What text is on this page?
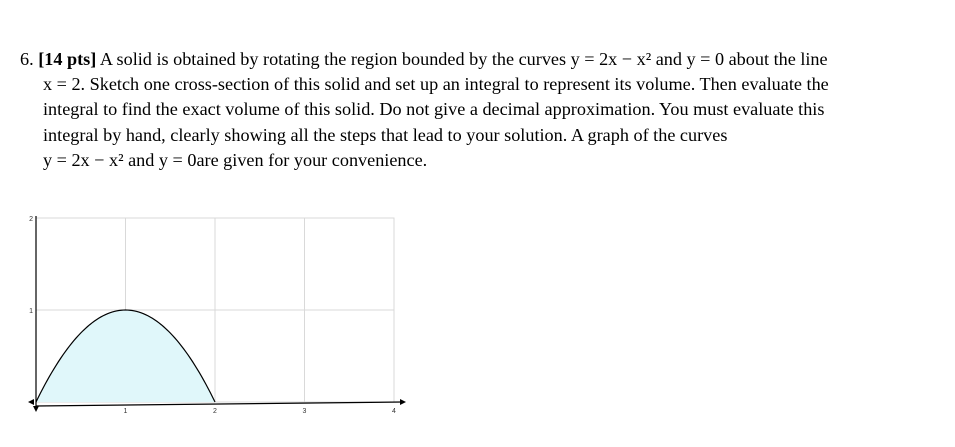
6. [14 pts] A solid is obtained by rotating the region bounded by the curves y = 2x − x² and y = 0 about the line
x = 2. Sketch one cross-section of this solid and set up an integral to represent its volume. Then evaluate the
integral to find the exact volume of this solid. Do not give a decimal approximation. You must evaluate this
integral by hand, clearly showing all the steps that lead to your solution. A graph of the curves
y = 2x − x² and y = 0are given for your convenience.
1	2	3	4
1
2
